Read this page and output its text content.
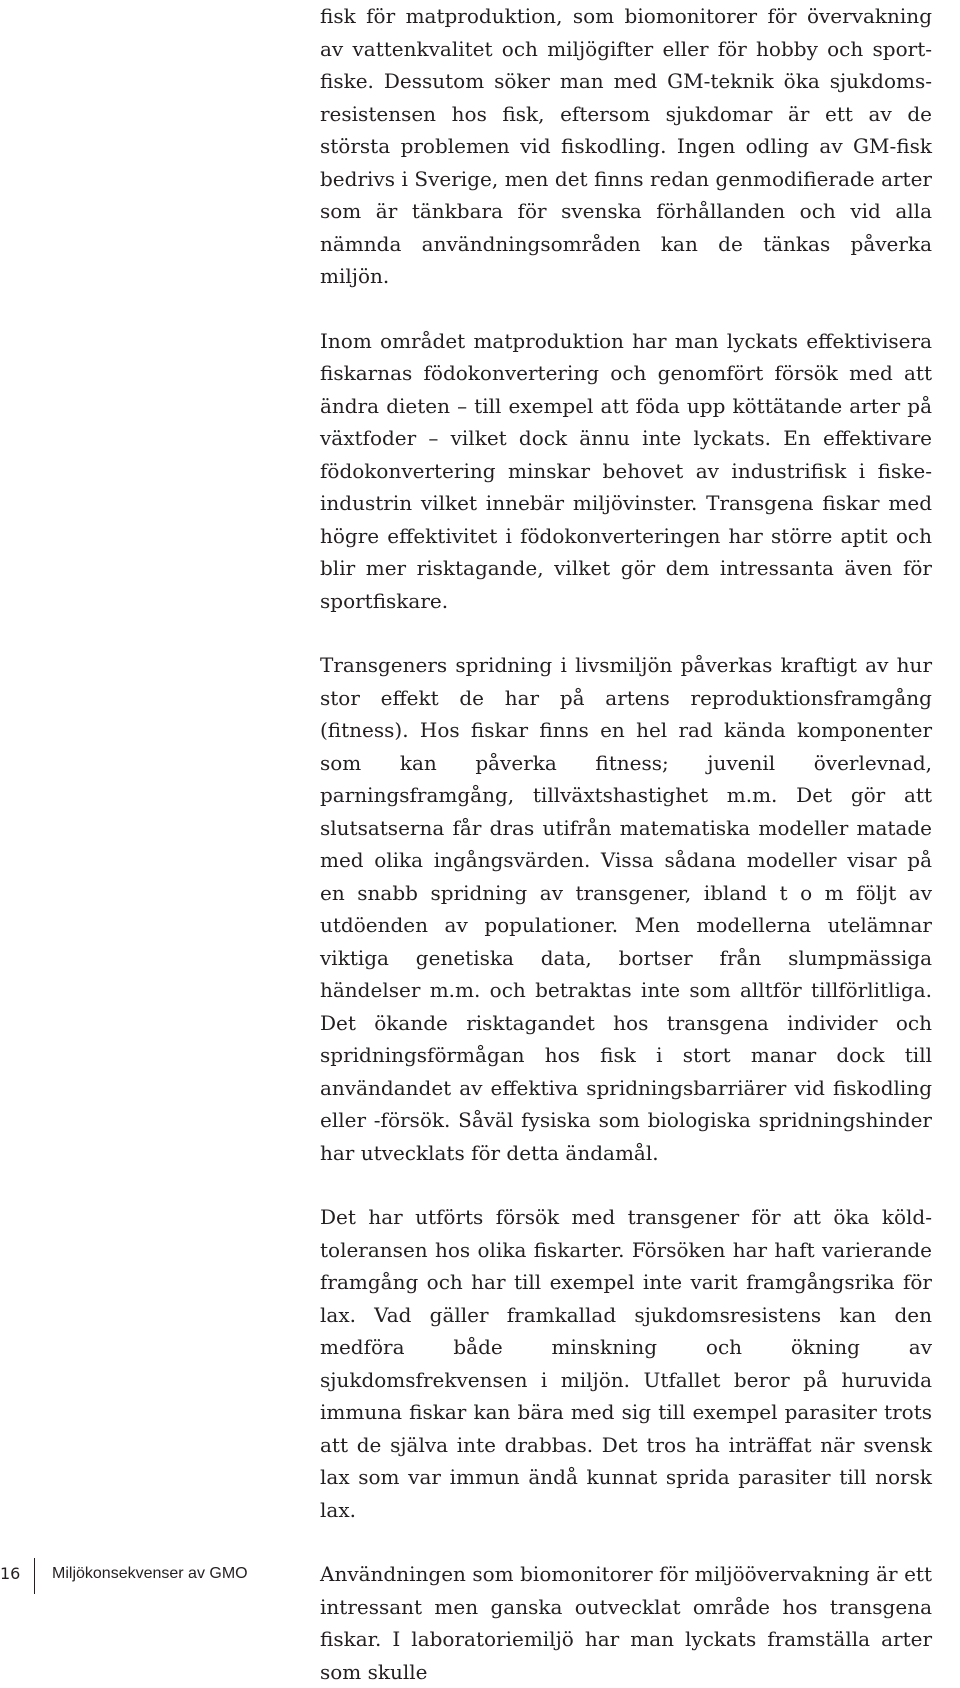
fisk för matproduktion, som biomonitorer för övervakning av vattenkvalitet och miljögifter eller för hobby och sportfiske. Dessutom söker man med GM-teknik öka sjukdomsresistensen hos fisk, eftersom sjukdomar är ett av de största problemen vid fiskodling. Ingen odling av GM-fisk bedrivs i Sverige, men det finns redan genmodifierade arter som är tänkbara för svenska förhållanden och vid alla nämnda användningsområden kan de tänkas påverka miljön.

Inom området matproduktion har man lyckats effektivisera fiskarnas födokonvertering och genomfört försök med att ändra dieten – till exempel att föda upp köttätande arter på växtfoder – vilket dock ännu inte lyckats. En effektivare födokonvertering minskar behovet av industrifisk i fiskeindustrin vilket innebär miljövinster. Transgena fiskar med högre effektivitet i födokonverteringen har större aptit och blir mer risktagande, vilket gör dem intressanta även för sportfiskare.

Transgeners spridning i livsmiljön påverkas kraftigt av hur stor effekt de har på artens reproduktionsframgång (fitness). Hos fiskar finns en hel rad kända komponenter som kan påverka fitness; juvenil överlevnad, parningsframgång, tillväxtshastighet m.m. Det gör att slutsatserna får dras utifrån matematiska modeller matade med olika ingångsvärden. Vissa sådana modeller visar på en snabb spridning av transgener, ibland t o m följt av utdöenden av populationer. Men modellerna utelämnar viktiga genetiska data, bortser från slumpmässiga händelser m.m. och betraktas inte som alltför tillförlitliga. Det ökande risktagandet hos transgena individer och spridningsförmågan hos fisk i stort manar dock till användandet av effektiva spridningsbarriärer vid fiskodling eller -försök. Såväl fysiska som biologiska spridningshinder har utvecklats för detta ändamål.

Det har utförts försök med transgener för att öka köldtoleransen hos olika fiskarter. Försöken har haft varierande framgång och har till exempel inte varit framgångsrika för lax. Vad gäller framkallad sjukdomsresistens kan den medföra både minskning och ökning av sjukdomsfrekvensen i miljön. Utfallet beror på huruvida immuna fiskar kan bära med sig till exempel parasiter trots att de själva inte drabbas. Det tros ha inträffat när svensk lax som var immun ändå kunnat sprida parasiter till norsk lax.

Användningen som biomonitorer för miljöövervakning är ett intressant men ganska outvecklat område hos transgena fiskar. I laboratoriemiljö har man lyckats framställa arter som skulle

16 Miljökonsekvenser av GMO
